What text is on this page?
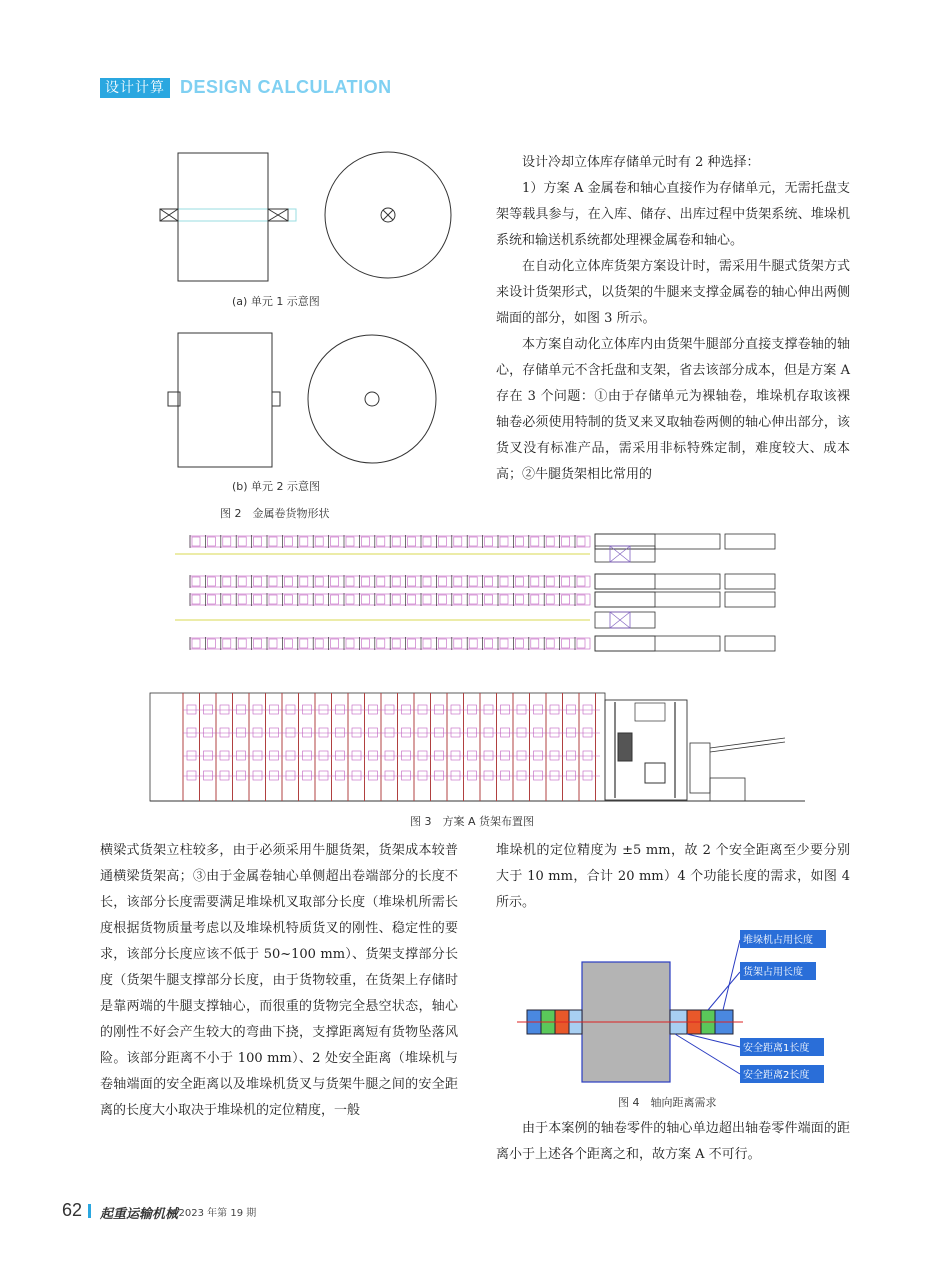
设计计算 DESIGN CALCULATION
(a) 单元 1 示意图
(b) 单元 2 示意图
图 2　金属卷货物形状

设计冷却立体库存储单元时有 2 种选择：

1）方案 A 金属卷和轴心直接作为存储单元，无需托盘支架等载具参与，在入库、储存、出库过程中货架系统、堆垛机系统和输送机系统都处理裸金属卷和轴心。

在自动化立体库货架方案设计时，需采用牛腿式货架方式来设计货架形式，以货架的牛腿来支撑金属卷的轴心伸出两侧端面的部分，如图 3 所示。

本方案自动化立体库内由货架牛腿部分直接支撑卷轴的轴心，存储单元不含托盘和支架，省去该部分成本，但是方案 A 存在 3 个问题：①由于存储单元为裸轴卷，堆垛机存取该裸轴卷必须使用特制的货叉来叉取轴卷两侧的轴心伸出部分，该货叉没有标准产品，需采用非标特殊定制，难度较大、成本高；②牛腿货架相比常用的

图 3　方案 A 货架布置图

横梁式货架立柱较多，由于必须采用牛腿货架，货架成本较普通横梁货架高；③由于金属卷轴心单侧超出卷端部分的长度不长，该部分长度需要满足堆垛机叉取部分长度（堆垛机所需长度根据货物质量考虑以及堆垛机特质货叉的刚性、稳定性的要求，该部分长度应该不低于 50~100 mm）、货架支撑部分长度（货架牛腿支撑部分长度，由于货物较重，在货架上存储时是靠两端的牛腿支撑轴心，而很重的货物完全悬空状态，轴心的刚性不好会产生较大的弯曲下挠，支撑距离短有货物坠落风险。该部分距离不小于 100 mm）、2 处安全距离（堆垛机与卷轴端面的安全距离以及堆垛机货叉与货架牛腿之间的安全距离的长度大小取决于堆垛机的定位精度，一般

堆垛机的定位精度为 ±5 mm，故 2 个安全距离至少要分别大于 10 mm，合计 20 mm）4 个功能长度的需求，如图 4 所示。

堆垛机占用长度
货架占用长度
安全距离1长度
安全距离2长度
图 4　轴向距离需求

由于本案例的轴卷零件的轴心单边超出轴卷零件端面的距离小于上述各个距离之和，故方案 A 不可行。

62 起重运输机械
/ 2023 年第 19 期
